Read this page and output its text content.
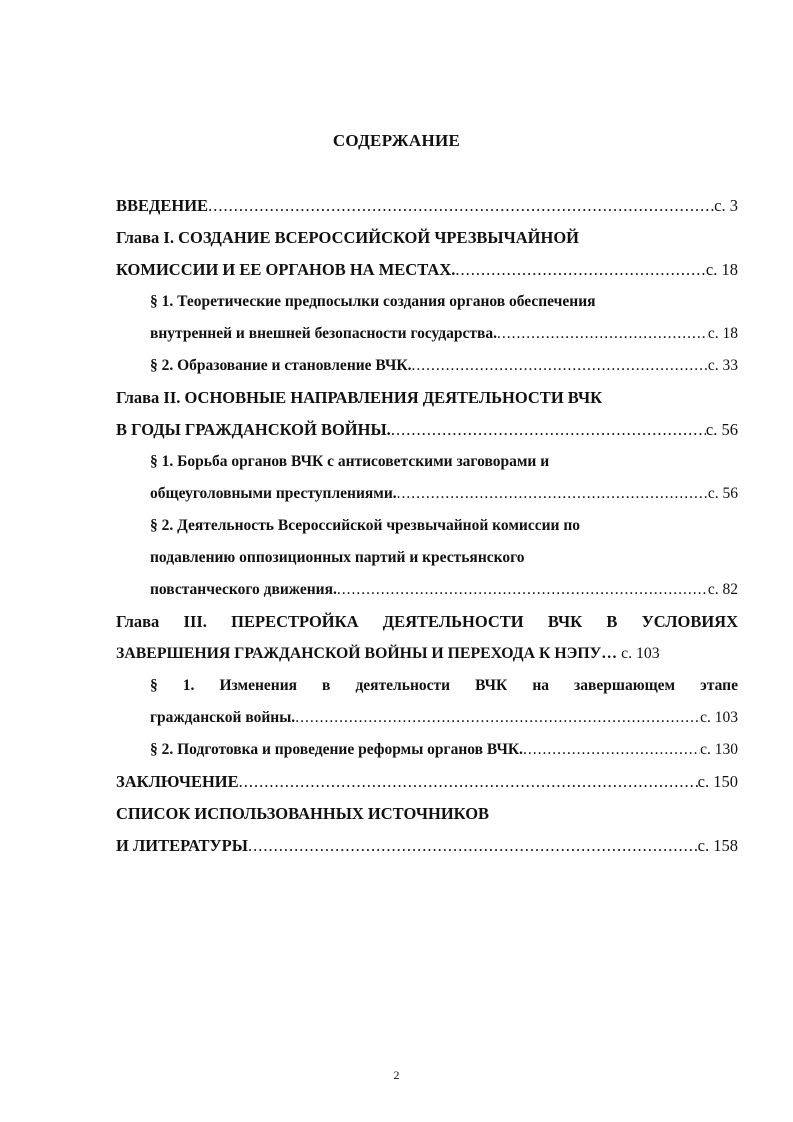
СОДЕРЖАНИЕ
ВВЕДЕНИЕ .....	с. 3
Глава I. СОЗДАНИЕ ВСЕРОССИЙСКОЙ ЧРЕЗВЫЧАЙНОЙ
КОМИССИИ И ЕЕ ОРГАНОВ НА МЕСТАХ. .....	с. 18
§ 1. Теоретические предпосылки создания органов обеспечения
внутренней и внешней безопасности государства. .....	с. 18
§ 2. Образование и становление ВЧК. .....	с. 33
Глава II. ОСНОВНЫЕ НАПРАВЛЕНИЯ ДЕЯТЕЛЬНОСТИ ВЧК
В ГОДЫ ГРАЖДАНСКОЙ ВОЙНЫ. .....	с. 56
§ 1. Борьба органов ВЧК с антисоветскими заговорами и
общеуголовными преступлениями. .....	с. 56
§ 2. Деятельность Всероссийской чрезвычайной комиссии по
подавлению оппозиционных партий и крестьянского
повстанческого движения. .....	с. 82
Глава III. ПЕРЕСТРОЙКА ДЕЯТЕЛЬНОСТИ ВЧК В УСЛОВИЯХ
ЗАВЕРШЕНИЯ ГРАЖДАНСКОЙ ВОЙНЫ И ПЕРЕХОДА К НЭПУ… с. 103
§ 1. Изменения в деятельности ВЧК на завершающем этапе
гражданской войны. .....	с. 103
§ 2. Подготовка и проведение реформы органов ВЧК. .....	с. 130
ЗАКЛЮЧЕНИЕ .....	с. 150
СПИСОК ИСПОЛЬЗОВАННЫХ ИСТОЧНИКОВ
И ЛИТЕРАТУРЫ .....	с. 158
2
